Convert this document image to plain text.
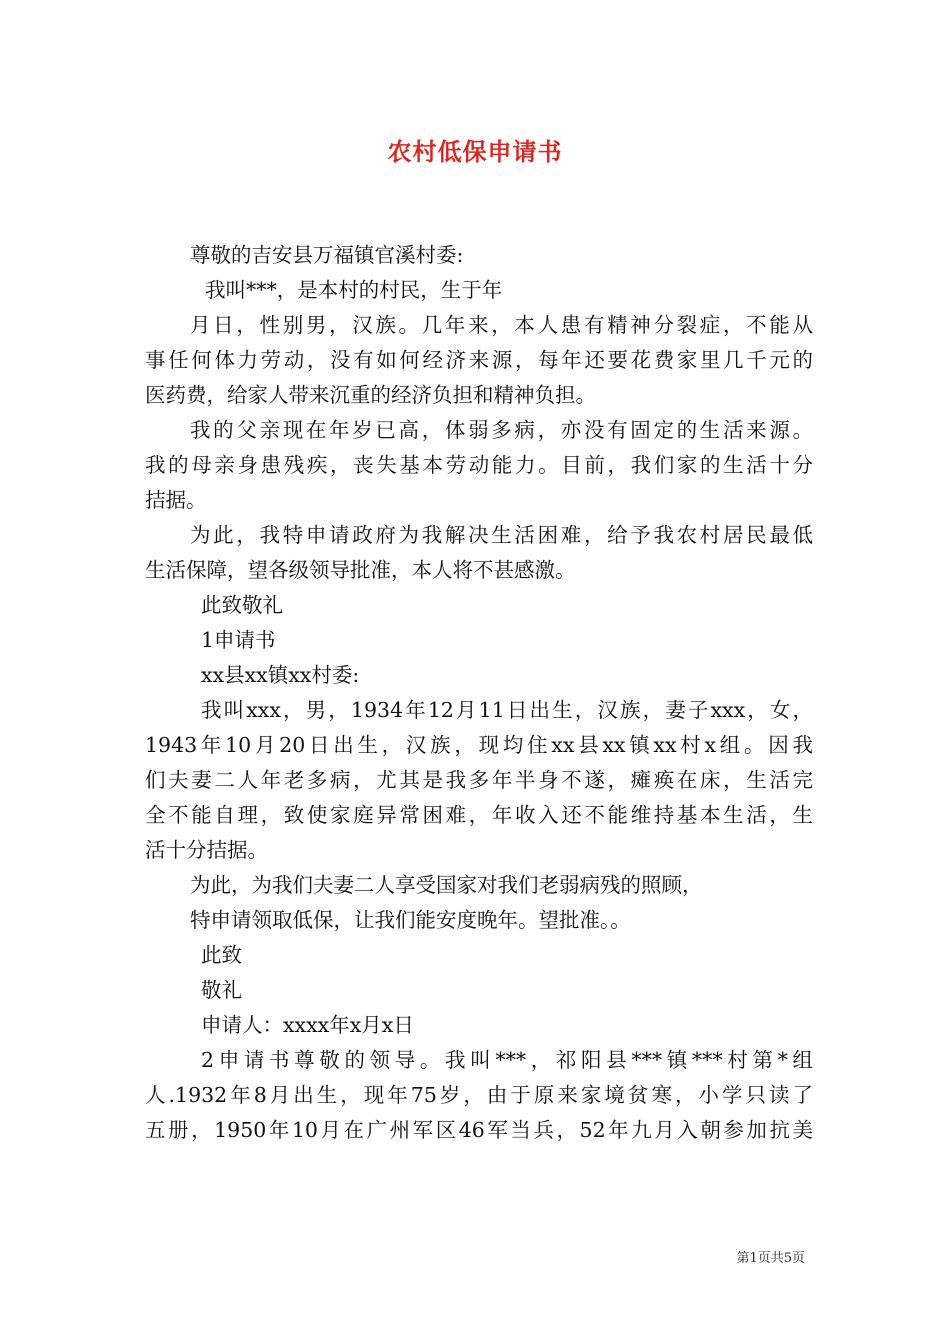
农村低保申请书
尊敬的吉安县万福镇官溪村委:
我叫***，是本村的村民，生于年
月日，性别男，汉族。几年来，本人患有精神分裂症，不能从
事任何体力劳动，没有如何经济来源，每年还要花费家里几千元的
医药费，给家人带来沉重的经济负担和精神负担。
我的父亲现在年岁已高，体弱多病，亦没有固定的生活来源。
我的母亲身患残疾，丧失基本劳动能力。目前，我们家的生活十分
拮据。
为此，我特申请政府为我解决生活困难，给予我农村居民最低
生活保障，望各级领导批准，本人将不甚感激。
此致敬礼
1申请书
xx县xx镇xx村委:
我叫xxx，男，1934年12月11日出生，汉族，妻子xxx，女，
1943年10月20日出生，汉族，现均住xx县xx镇xx村x组。因我
们夫妻二人年老多病，尤其是我多年半身不遂，瘫痪在床，生活完
全不能自理，致使家庭异常困难，年收入还不能维持基本生活，生
活十分拮据。
为此，为我们夫妻二人享受国家对我们老弱病残的照顾，
特申请领取低保，让我们能安度晚年。望批准。。
此致
敬礼
申请人：xxxx年x月x日
2申请书尊敬的领导。我叫***，祁阳县***镇***村第*组
人.1932年8月出生，现年75岁，由于原来家境贫寒，小学只读了
五册，1950年10月在广州军区46军当兵，52年九月入朝参加抗美
第1页共5页
